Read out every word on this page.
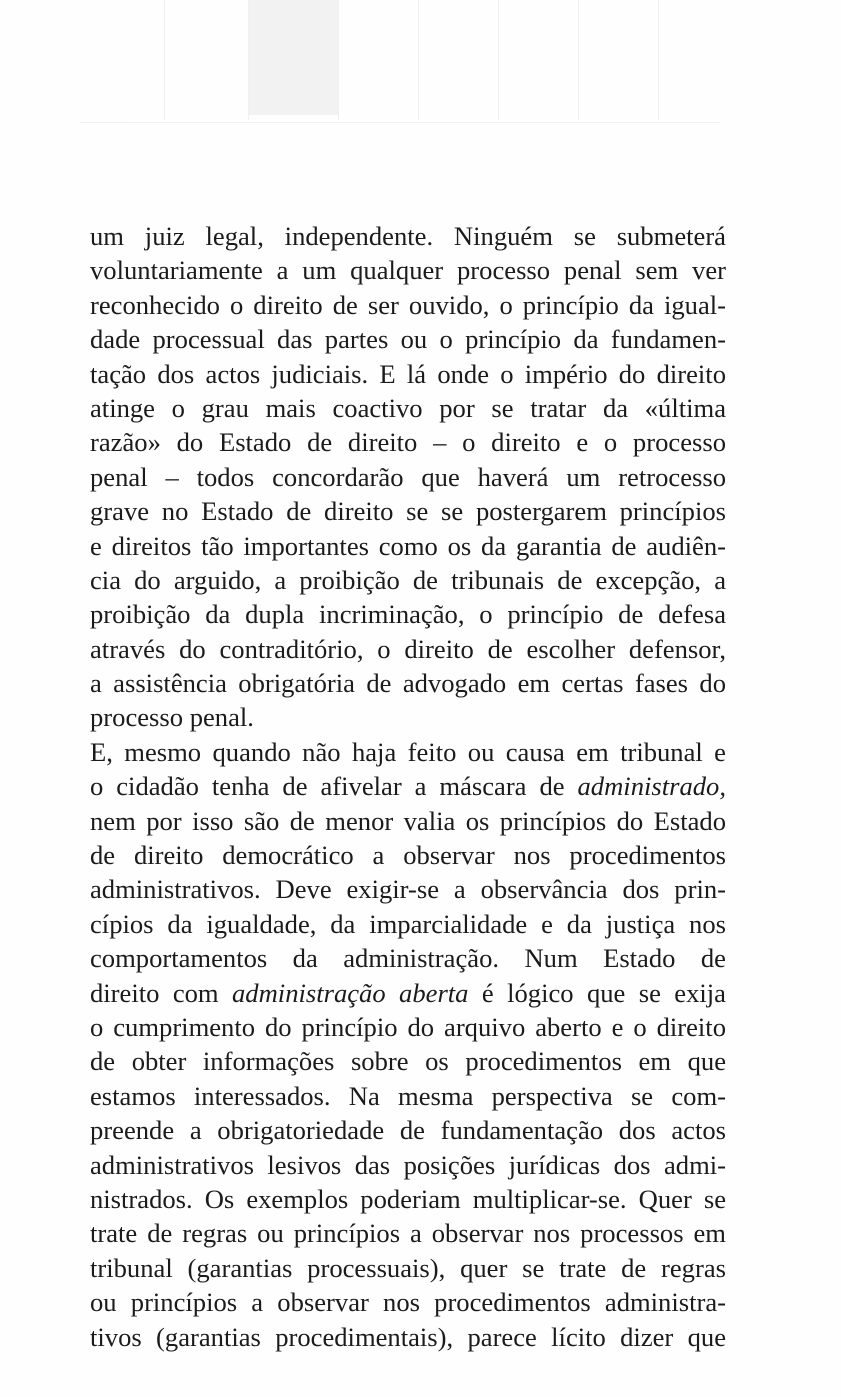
um juiz legal, independente. Ninguém se submeterá
voluntariamente a um qualquer processo penal sem ver
reconhecido o direito de ser ouvido, o princípio da igual-
dade processual das partes ou o princípio da fundamen-
tação dos actos judiciais. E lá onde o império do direito
atinge o grau mais coactivo por se tratar da «última
razão» do Estado de direito – o direito e o processo
penal – todos concordarão que haverá um retrocesso
grave no Estado de direito se se postergarem princípios
e direitos tão importantes como os da garantia de audiên-
cia do arguido, a proibição de tribunais de excepção, a
proibição da dupla incriminação, o princípio de defesa
através do contraditório, o direito de escolher defensor,
a assistência obrigatória de advogado em certas fases do
processo penal.
E, mesmo quando não haja feito ou causa em tribunal e
o cidadão tenha de afivelar a máscara de administrado,
nem por isso são de menor valia os princípios do Estado
de direito democrático a observar nos procedimentos
administrativos. Deve exigir-se a observância dos prin-
cípios da igualdade, da imparcialidade e da justiça nos
comportamentos da administração. Num Estado de
direito com administração aberta é lógico que se exija
o cumprimento do princípio do arquivo aberto e o direito
de obter informações sobre os procedimentos em que
estamos interessados. Na mesma perspectiva se com-
preende a obrigatoriedade de fundamentação dos actos
administrativos lesivos das posições jurídicas dos admi-
nistrados. Os exemplos poderiam multiplicar-se. Quer se
trate de regras ou princípios a observar nos processos em
tribunal (garantias processuais), quer se trate de regras
ou princípios a observar nos procedimentos administra-
tivos (garantias procedimentais), parece lícito dizer que
